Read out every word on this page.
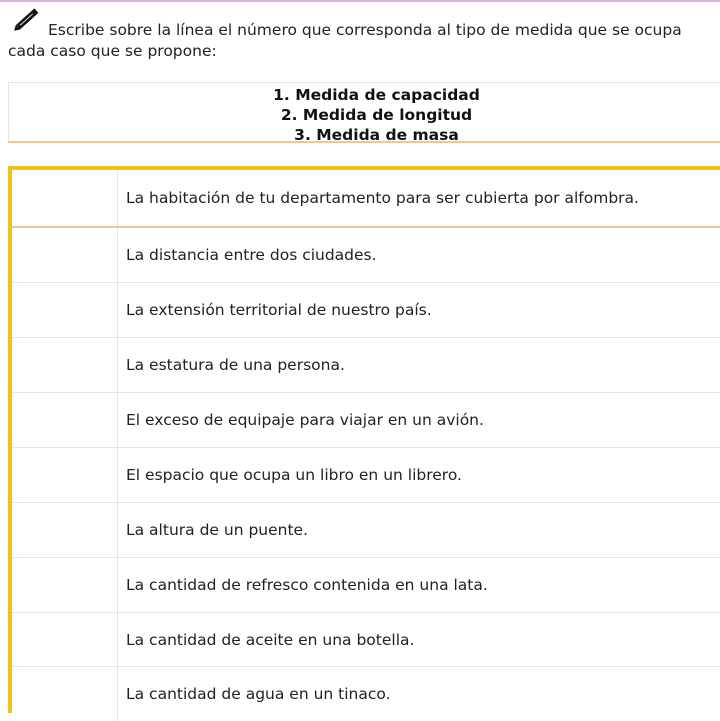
Escribe sobre la línea el número que corresponda al tipo de medida que se ocupa
cada caso que se propone:
1. Medida de capacidad
2. Medida de longitud
3. Medida de masa
La habitación de tu departamento para ser cubierta por alfombra.
La distancia entre dos ciudades.
La extensión territorial de nuestro país.
La estatura de una persona.
El exceso de equipaje para viajar en un avión.
El espacio que ocupa un libro en un librero.
La altura de un puente.
La cantidad de refresco contenida en una lata.
La cantidad de aceite en una botella.
La cantidad de agua en un tinaco.
